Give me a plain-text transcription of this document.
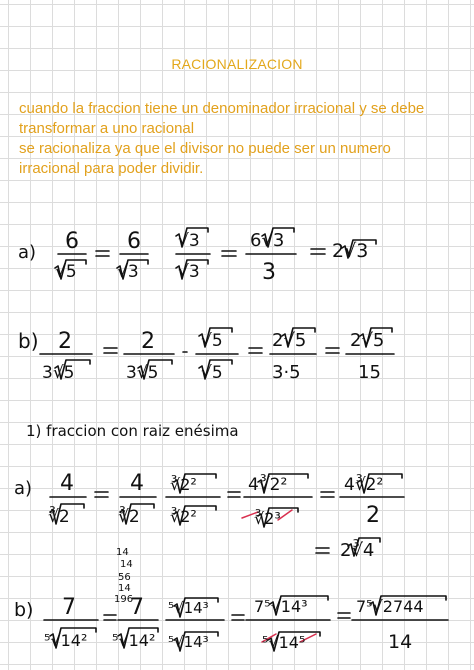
RACIONALIZACION
cuando la fraccion tiene un denominador irracional y se debe
transformar a uno racional
se racionaliza ya que el divisor no puede ser un numero
irracional para poder dividir.
a) 6
√5
6
√3
√3
√3
6√3
3
2√3
b) 2
3√5
2
3√5
√5
√5
2√5
3·5
2√5
15
1) fraccion con raiz enésima
a) 4
∛2
4
∛2
∛2²
∛2²
4∛2²
∛2³
4∛2²
2
2∛4
14
14
56
14
196
b) 7
⁵√14²
7
⁵√14²
⁵√14³
⁵√14³
7⁵√14³
⁵√14⁵
7⁵√2744
14
